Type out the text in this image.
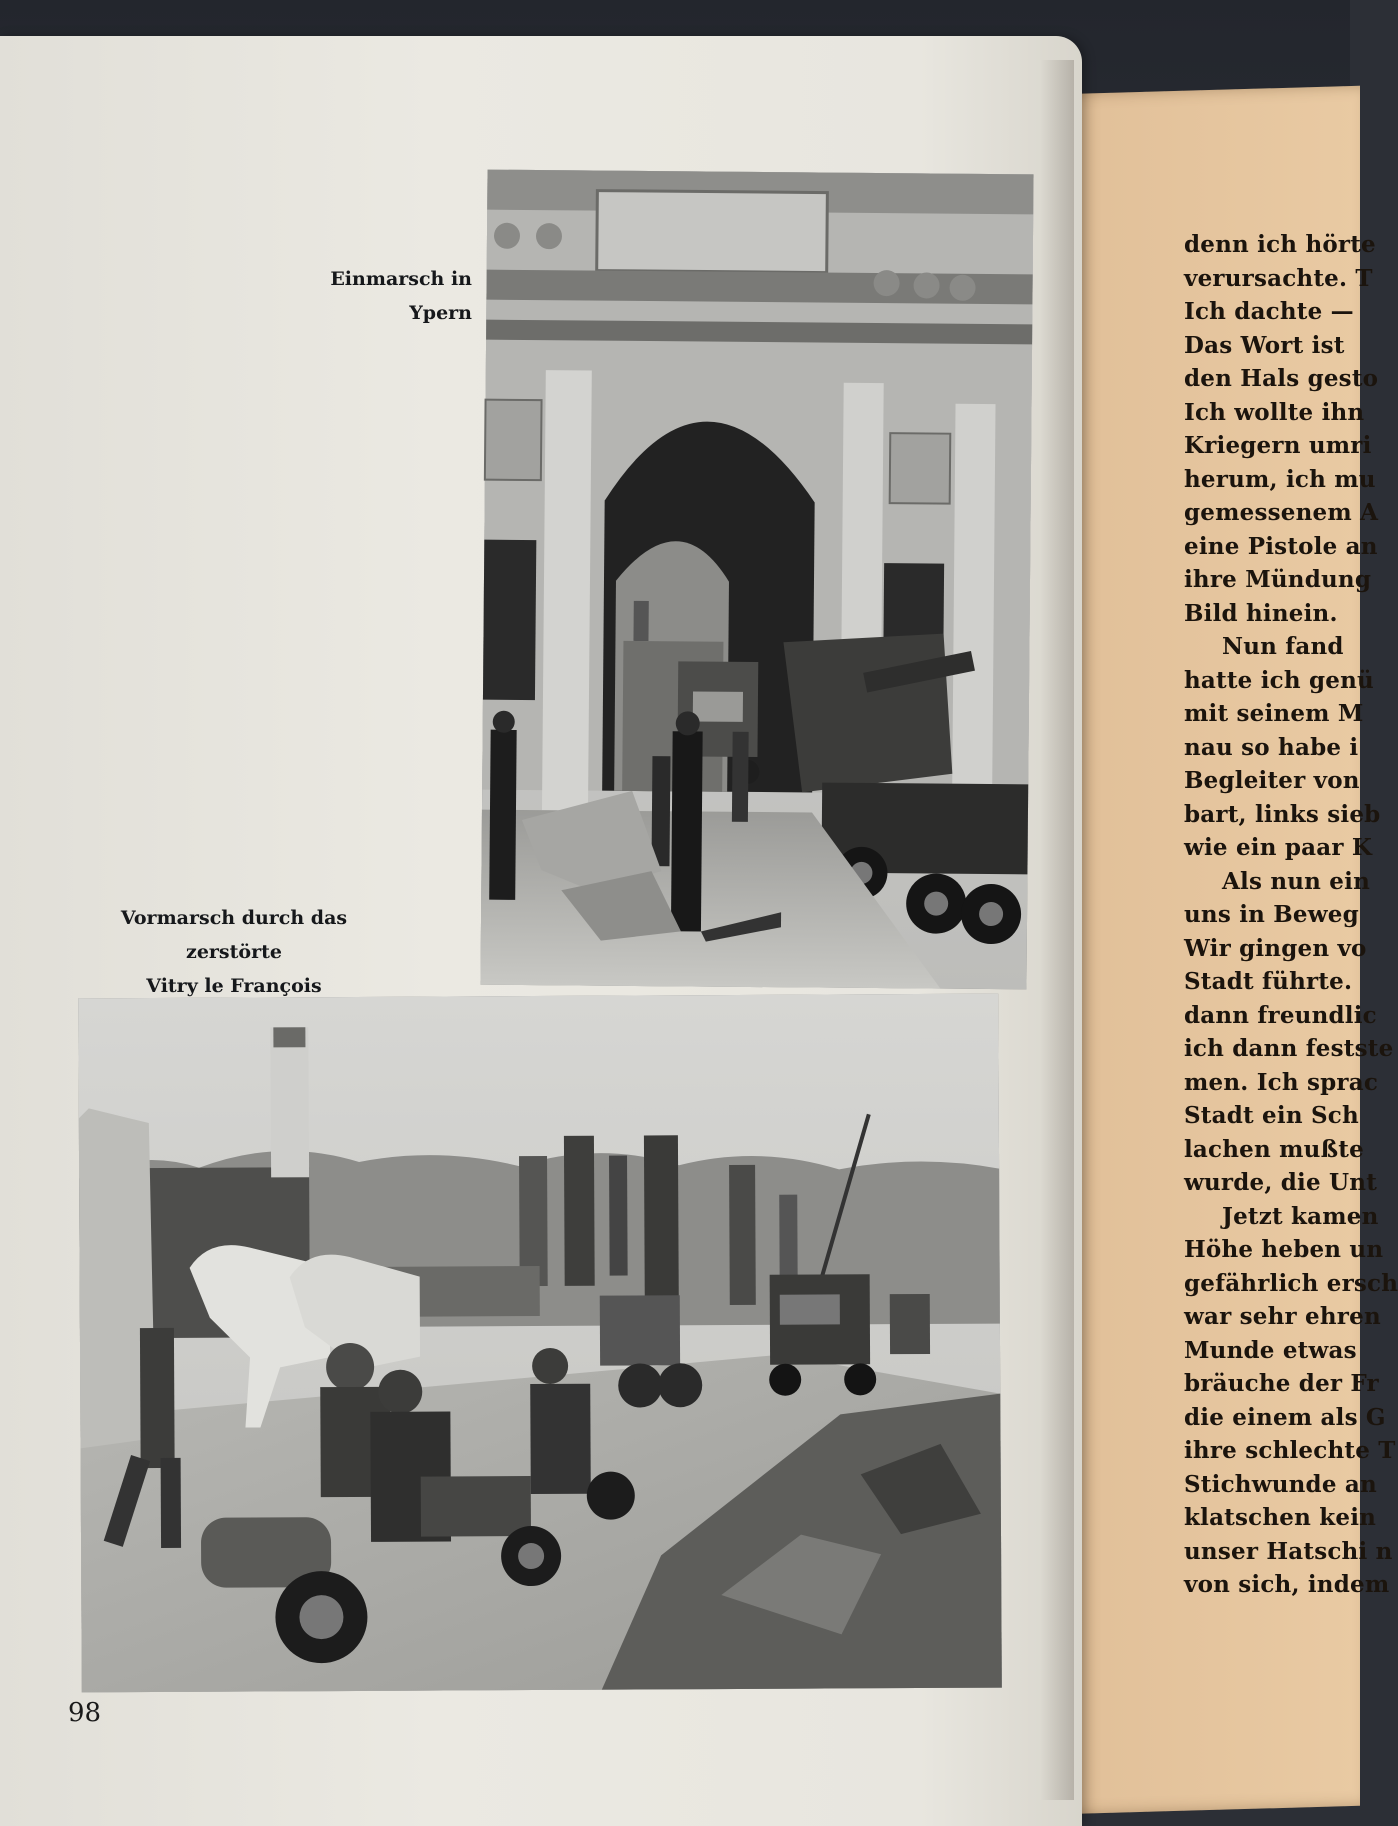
denn ich hörte
verursachte. T
Ich dachte —
Das Wort ist
den Hals gesto
Ich wollte ihn
Kriegern umri
herum, ich mu
gemessenem A
eine Pistole an
ihre Mündung
Bild hinein.
Nun fand
hatte ich genü
mit seinem M
nau so habe i
Begleiter von
bart, links sieb
wie ein paar K
Als nun ein
uns in Beweg
Wir gingen vo
Stadt führte.
dann freundlic
ich dann festste
men. Ich sprac
Stadt ein Sch
lachen mußte
wurde, die Unt
Jetzt kamen
Höhe heben un
gefährlich ersch
war sehr ehren
Munde etwas
bräuche der Fr
die einem als G
ihre schlechte T
Stichwunde an
klatschen kein
unser Hatschi n
von sich, indem
Einmarsch in Ypern
Vormarsch durch das zerstörte
Vitry le François
98
